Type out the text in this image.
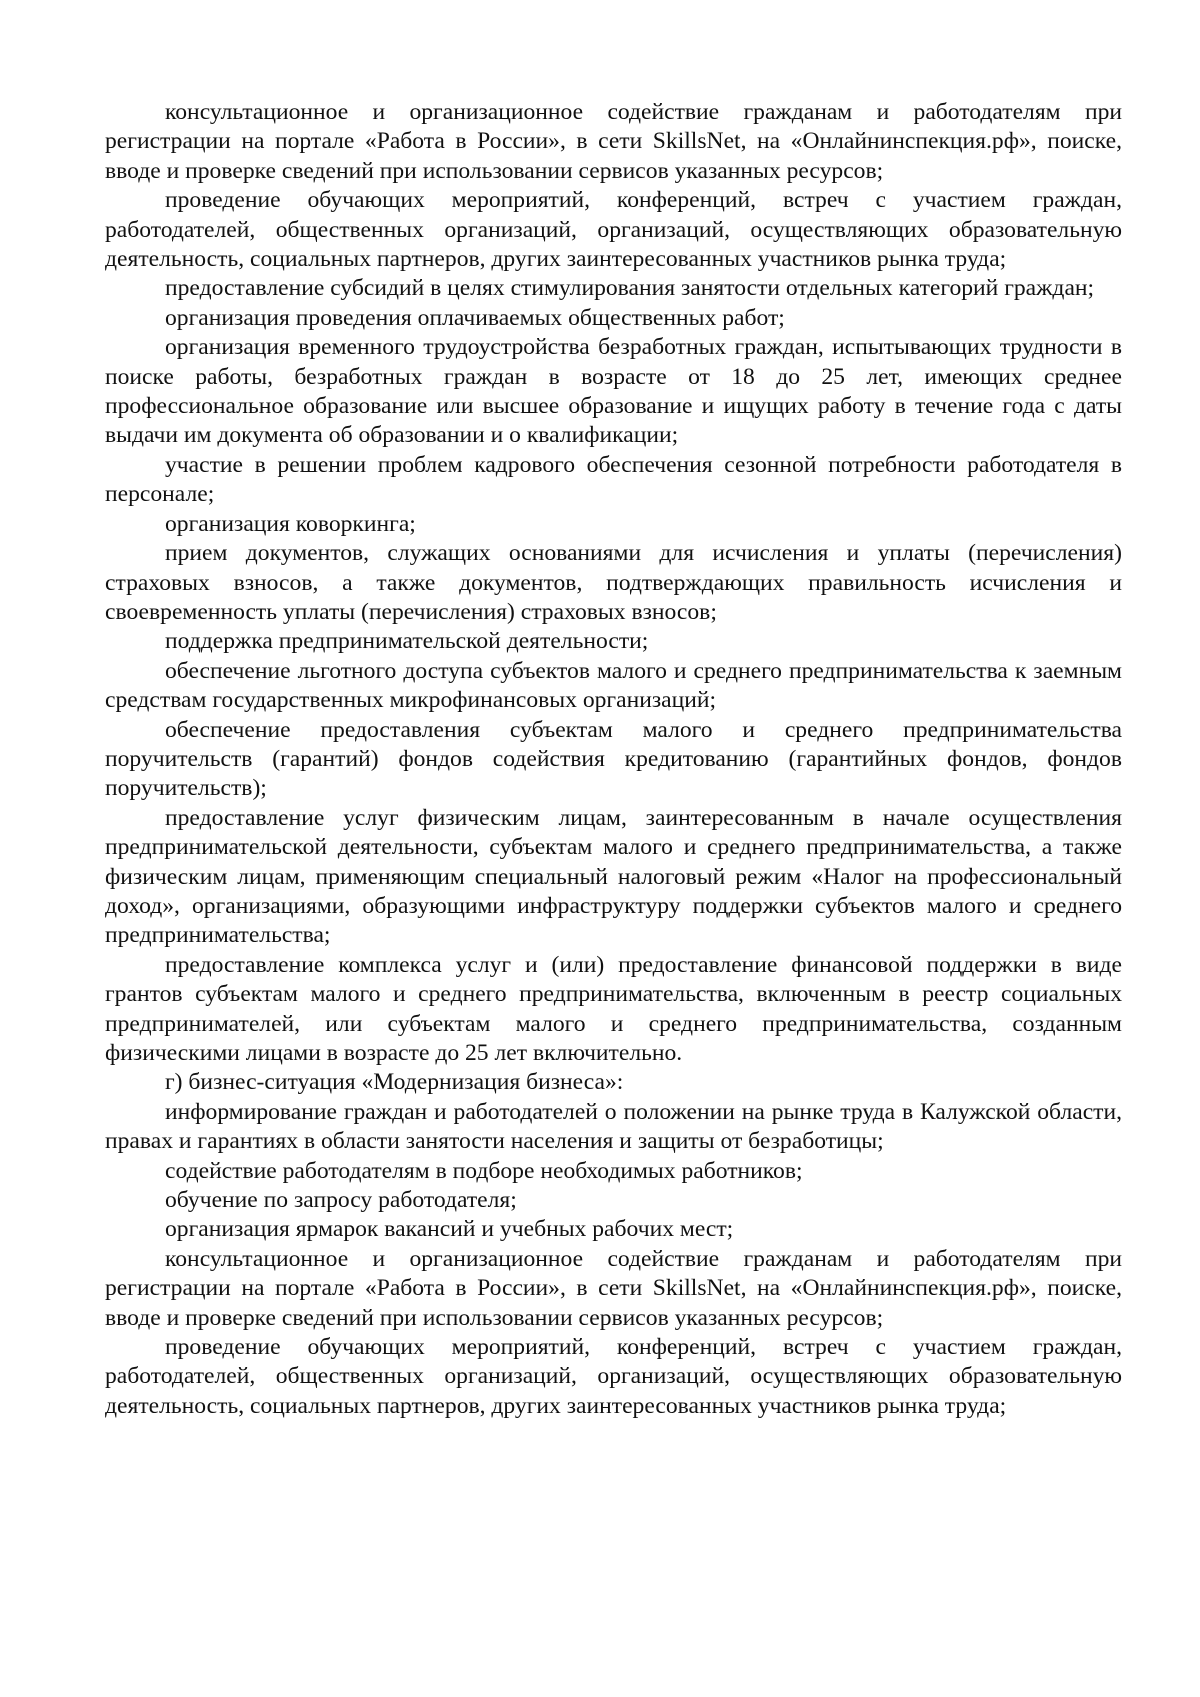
консультационное и организационное содействие гражданам и работодателям при регистрации на портале «Работа в России», в сети SkillsNet, на «Онлайнинспекция.рф», поиске, вводе и проверке сведений при использовании сервисов указанных ресурсов;

проведение обучающих мероприятий, конференций, встреч с участием граждан, работодателей, общественных организаций, организаций, осуществляющих образовательную деятельность, социальных партнеров, других заинтересованных участников рынка труда;

предоставление субсидий в целях стимулирования занятости отдельных категорий граждан;

организация проведения оплачиваемых общественных работ;

организация временного трудоустройства безработных граждан, испытывающих трудности в поиске работы, безработных граждан в возрасте от 18 до 25 лет, имеющих среднее профессиональное образование или высшее образование и ищущих работу в течение года с даты выдачи им документа об образовании и о квалификации;

участие в решении проблем кадрового обеспечения сезонной потребности работодателя в персонале;

организация коворкинга;

прием документов, служащих основаниями для исчисления и уплаты (перечисления) страховых взносов, а также документов, подтверждающих правильность исчисления и своевременность уплаты (перечисления) страховых взносов;

поддержка предпринимательской деятельности;

обеспечение льготного доступа субъектов малого и среднего предпринимательства к заемным средствам государственных микрофинансовых организаций;

обеспечение предоставления субъектам малого и среднего предпринимательства поручительств (гарантий) фондов содействия кредитованию (гарантийных фондов, фондов поручительств);

предоставление услуг физическим лицам, заинтересованным в начале осуществления предпринимательской деятельности, субъектам малого и среднего предпринимательства, а также физическим лицам, применяющим специальный налоговый режим «Налог на профессиональный доход», организациями, образующими инфраструктуру поддержки субъектов малого и среднего предпринимательства;

предоставление комплекса услуг и (или) предоставление финансовой поддержки в виде грантов субъектам малого и среднего предпринимательства, включенным в реестр социальных предпринимателей, или субъектам малого и среднего предпринимательства, созданным физическими лицами в возрасте до 25 лет включительно.

г) бизнес-ситуация «Модернизация бизнеса»:

информирование граждан и работодателей о положении на рынке труда в Калужской области, правах и гарантиях в области занятости населения и защиты от безработицы;

содействие работодателям в подборе необходимых работников;

обучение по запросу работодателя;

организация ярмарок вакансий и учебных рабочих мест;

консультационное и организационное содействие гражданам и работодателям при регистрации на портале «Работа в России», в сети SkillsNet, на «Онлайнинспекция.рф», поиске, вводе и проверке сведений при использовании сервисов указанных ресурсов;

проведение обучающих мероприятий, конференций, встреч с участием граждан, работодателей, общественных организаций, организаций, осуществляющих образовательную деятельность, социальных партнеров, других заинтересованных участников рынка труда;
